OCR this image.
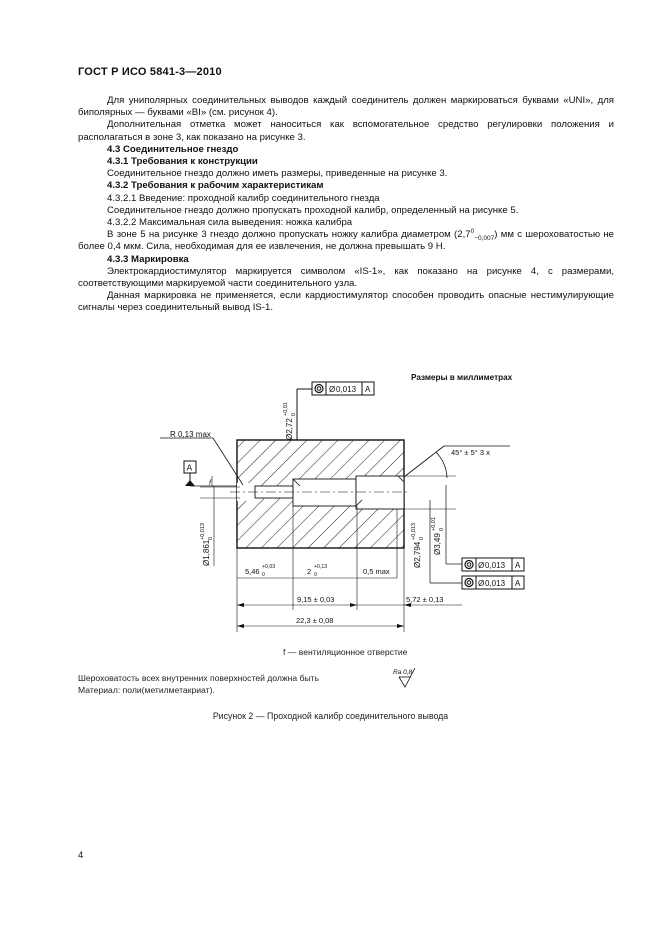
ГОСТ Р ИСО 5841-3—2010

Для униполярных соединительных выводов каждый соединитель должен маркироваться буквами «UNI», для биполярных — буквами «BI» (см. рисунок 4).

Дополнительная отметка может наноситься как вспомогательное средство регулировки положения и располагаться в зоне 3, как показано на рисунке 3.

4.3 Соединительное гнездо

4.3.1 Требования к конструкции

Соединительное гнездо должно иметь размеры, приведенные на рисунке 3.

4.3.2 Требования к рабочим характеристикам

4.3.2.1 Введение: проходной калибр соединительного гнезда

Соединительное гнездо должно пропускать проходной калибр, определенный на рисунке 5.

4.3.2.2 Максимальная сила выведения: ножка калибра

В зоне 5 на рисунке 3 гнездо должно пропускать ножку калибра диаметром $(2,7^0_{-0,007})$ мм с шероховатостью не более 0,4 мкм. Сила, необходимая для ее извлечения, не должна превышать 9 Н.

4.3.3 Маркировка

Электрокардиостимулятор маркируется символом «IS-1», как показано на рисунке 4, с размерами, соответствующими маркируемой части соединительного узла.

Данная маркировка не применяется, если кардиостимулятор способен проводить опасные нестимулирующие сигналы через соединительный вывод IS-1.

Размеры в миллиметрах
Ø 0,013 A
Ø2,72
+0,01 0
A
f
R 0,13 max
Ø1,861
+0,013 0
45° ± 5° 3 x
Ø2,794
+0,013 0 Ø3,49
+0,01 0
Ø 0,013 A
Ø 0,013 A
5,46 +0,03
0	2 +0,13
0	0,5 max
9,15 ± 0,03	5,72 ± 0,13
22,3 ± 0,08
Ra 0,8
f — вентиляционное отверстие
Шероховатость всех внутренних поверхностей должна быть
Материал: поли(метилметакриат).
Рисунок 2 — Проходной калибр соединительного вывода
4
